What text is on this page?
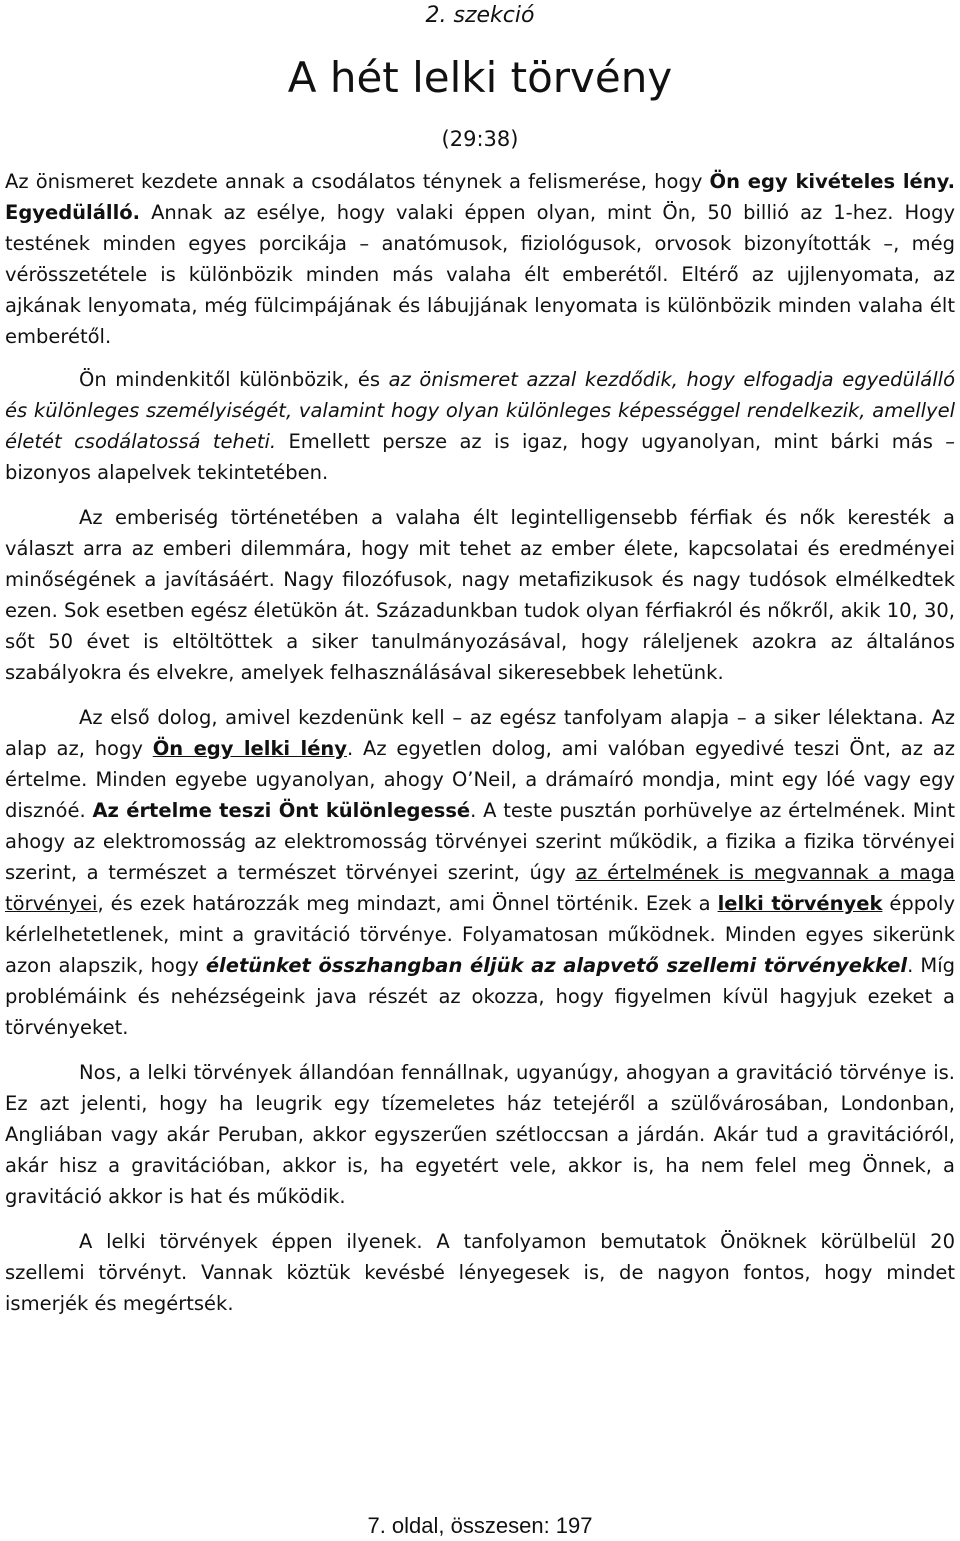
2. szekció
A hét lelki törvény
(29:38)

Az önismeret kezdete annak a csodálatos ténynek a felismerése, hogy Ön egy kivételes lény. Egyedülálló. Annak az esélye, hogy valaki éppen olyan, mint Ön, 50 billió az 1-hez. Hogy testének minden egyes porcikája – anatómusok, fiziológusok, orvosok bizonyították –, még vérösszetétele is különbözik minden más valaha élt emberétől. Eltérő az ujjlenyomata, az ajkának lenyomata, még fülcimpájának és lábujjának lenyomata is különbözik minden valaha élt emberétől.

Ön mindenkitől különbözik, és az önismeret azzal kezdődik, hogy elfogadja egyedülálló és különleges személyiségét, valamint hogy olyan különleges képességgel rendelkezik, amellyel életét csodálatossá teheti. Emellett persze az is igaz, hogy ugyanolyan, mint bárki más – bizonyos alapelvek tekintetében.

Az emberiség történetében a valaha élt legintelligensebb férfiak és nők keresték a választ arra az emberi dilemmára, hogy mit tehet az ember élete, kapcsolatai és eredményei minőségének a javításáért. Nagy filozófusok, nagy metafizikusok és nagy tudósok elmélkedtek ezen. Sok esetben egész életükön át. Századunkban tudok olyan férfiakról és nőkről, akik 10, 30, sőt 50 évet is eltöltöttek a siker tanulmányozásával, hogy ráleljenek azokra az általános szabályokra és elvekre, amelyek felhasználásával sikeresebbek lehetünk.

Az első dolog, amivel kezdenünk kell – az egész tanfolyam alapja – a siker lélektana. Az alap az, hogy Ön egy lelki lény. Az egyetlen dolog, ami valóban egyedivé teszi Önt, az az értelme. Minden egyebe ugyanolyan, ahogy O’Neil, a drámaíró mondja, mint egy lóé vagy egy disznóé. Az értelme teszi Önt különlegessé. A teste pusztán porhüvelye az értelmének. Mint ahogy az elektromosság az elektromosság törvényei szerint működik, a fizika a fizika törvényei szerint, a természet a természet törvényei szerint, úgy az értelmének is megvannak a maga törvényei, és ezek határozzák meg mindazt, ami Önnel történik. Ezek a lelki törvények éppoly kérlelhetetlenek, mint a gravitáció törvénye. Folyamatosan működnek. Minden egyes sikerünk azon alapszik, hogy életünket összhangban éljük az alapvető szellemi törvényekkel. Míg problémáink és nehézségeink java részét az okozza, hogy figyelmen kívül hagyjuk ezeket a törvényeket.

Nos, a lelki törvények állandóan fennállnak, ugyanúgy, ahogyan a gravitáció törvénye is. Ez azt jelenti, hogy ha leugrik egy tízemeletes ház tetejéről a szülővárosában, Londonban, Angliában vagy akár Peruban, akkor egyszerűen szétloccsan a járdán. Akár tud a gravitációról, akár hisz a gravitációban, akkor is, ha egyetért vele, akkor is, ha nem felel meg Önnek, a gravitáció akkor is hat és működik.

A lelki törvények éppen ilyenek. A tanfolyamon bemutatok Önöknek körülbelül 20 szellemi törvényt. Vannak köztük kevésbé lényegesek is, de nagyon fontos, hogy mindet ismerjék és megértsék.

7. oldal, összesen: 197
